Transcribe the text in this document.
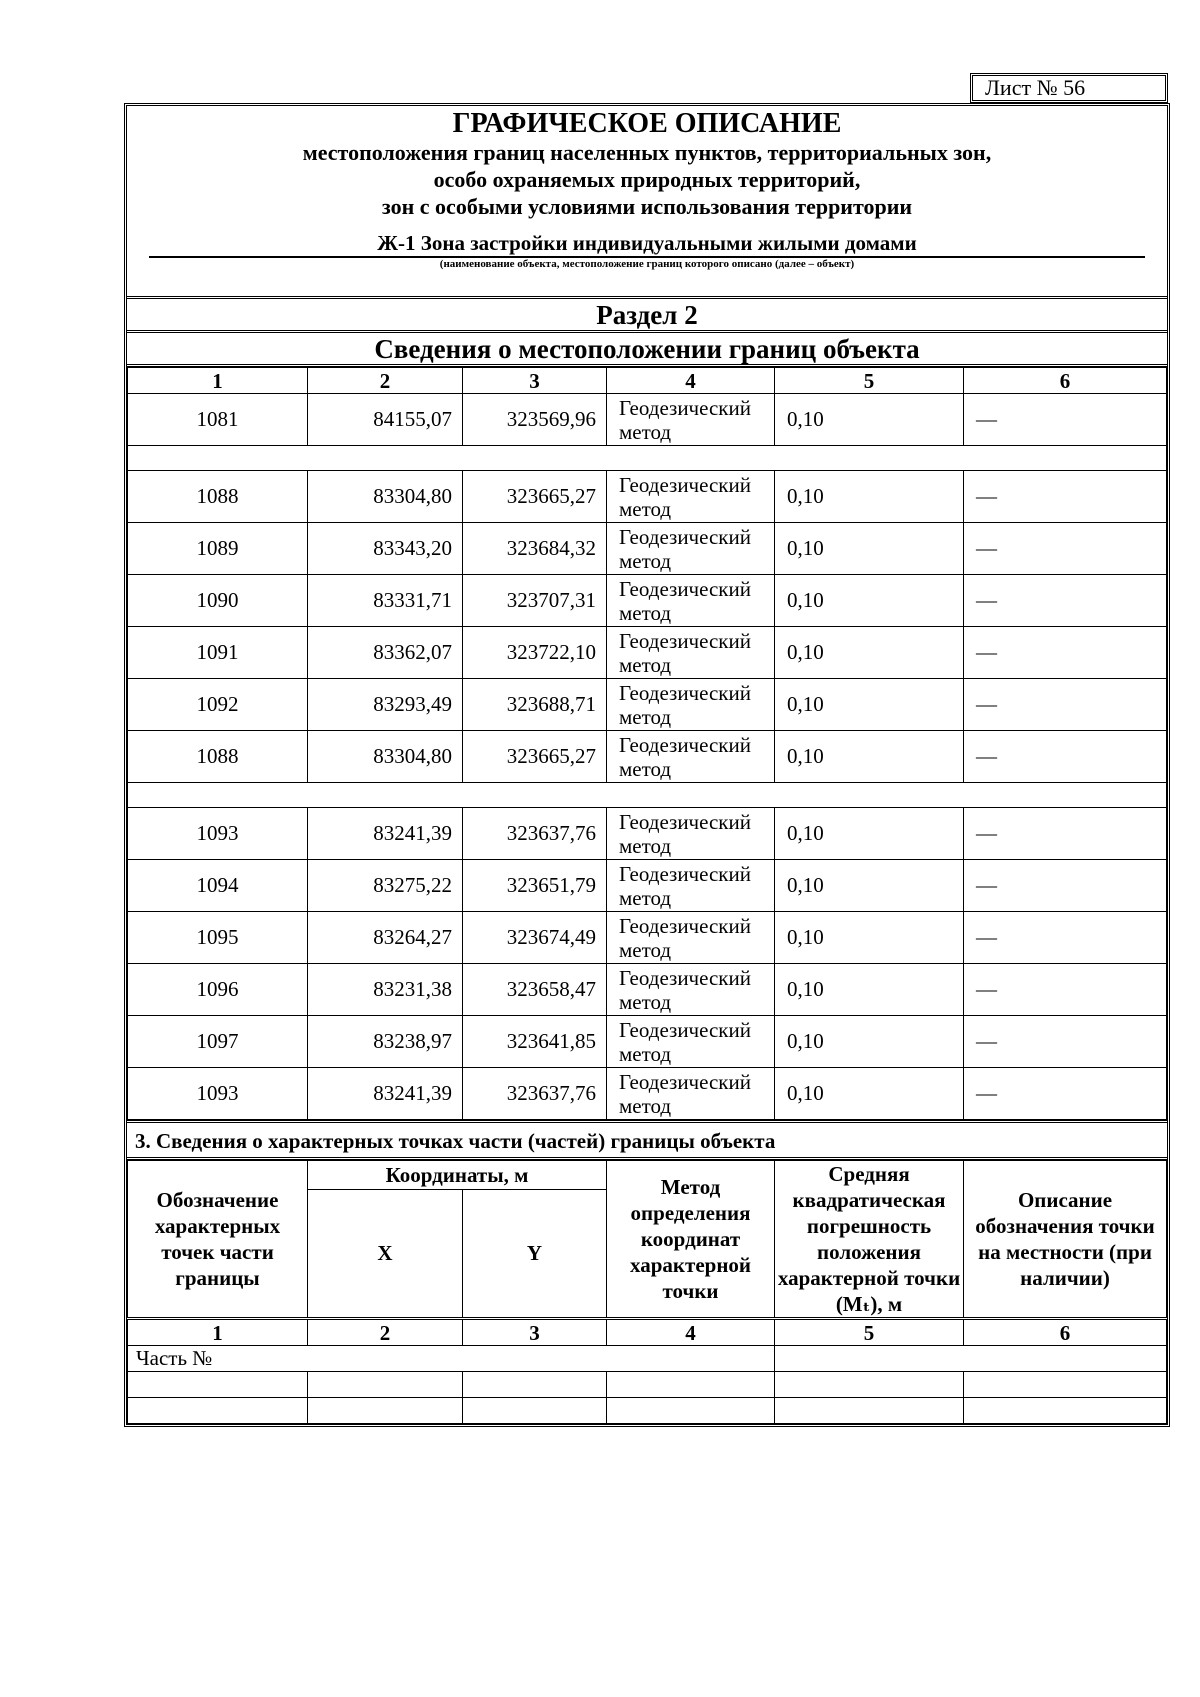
Лист № 56
ГРАФИЧЕСКОЕ ОПИСАНИЕ
местоположения границ населенных пунктов, территориальных зон,
особо охраняемых природных территорий,
зон с особыми условиями использования территории
Ж-1 Зона застройки индивидуальными жилыми домами
(наименование объекта, местоположение границ которого описано (далее – объект)
Раздел 2
Сведения о местоположении границ объекта
1	2	3	4	5	6
1081	84155,07	323569,96	Геодезический метод	0,10	—

1088	83304,80	323665,27	Геодезический метод	0,10	—
1089	83343,20	323684,32	Геодезический метод	0,10	—
1090	83331,71	323707,31	Геодезический метод	0,10	—
1091	83362,07	323722,10	Геодезический метод	0,10	—
1092	83293,49	323688,71	Геодезический метод	0,10	—
1088	83304,80	323665,27	Геодезический метод	0,10	—

1093	83241,39	323637,76	Геодезический метод	0,10	—
1094	83275,22	323651,79	Геодезический метод	0,10	—
1095	83264,27	323674,49	Геодезический метод	0,10	—
1096	83231,38	323658,47	Геодезический метод	0,10	—
1097	83238,97	323641,85	Геодезический метод	0,10	—
1093	83241,39	323637,76	Геодезический метод	0,10	—
3. Сведения о характерных точках части (частей) границы объекта
Обозначение характерных точек части границы	Координаты, м		Метод определения координат характерной точки	Средняя квадратическая погрешность положения характерной точки (Mₜ), м	Описание обозначения точки на местности (при наличии)
	X	Y			
1	2	3	4	5	6
Часть №					
